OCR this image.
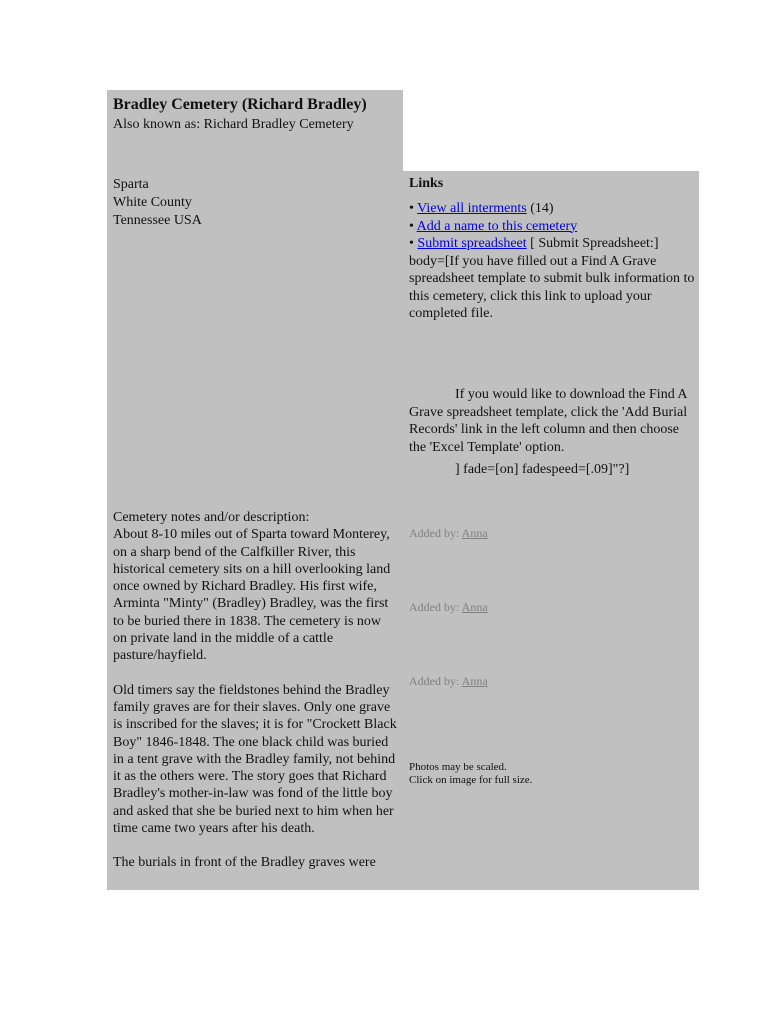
Bradley Cemetery (Richard Bradley)
Also known as: Richard Bradley Cemetery
Sparta
White County
Tennessee USA
Links

• View all interments (14)

• Add a name to this cemetery

• Submit spreadsheet [ Submit Spreadsheet:] body=[If you have filled out a Find A Grave spreadsheet template to submit bulk information to this cemetery, click this link to upload your completed file.

If you would like to download the Find A Grave spreadsheet template, click the 'Add Burial Records' link in the left column and then choose the 'Excel Template' option.
] fade=[on] fadespeed=[.09]"?]
Cemetery notes and/or description:

About 8-10 miles out of Sparta toward Monterey, on a sharp bend of the Calfkiller River, this historical cemetery sits on a hill overlooking land once owned by Richard Bradley. His first wife, Arminta "Minty" (Bradley) Bradley, was the first to be buried there in 1838. The cemetery is now on private land in the middle of a cattle pasture/hayfield.

Old timers say the fieldstones behind the Bradley family graves are for their slaves. Only one grave is inscribed for the slaves; it is for "Crockett Black Boy" 1846-1848. The one black child was buried in a tent grave with the Bradley family, not behind it as the others were. The story goes that Richard Bradley's mother-in-law was fond of the little boy and asked that she be buried next to him when her time came two years after his death.

The burials in front of the Bradley graves were

Added by: Anna
Added by: Anna
Added by: Anna
Photos may be scaled.
Click on image for full size.
